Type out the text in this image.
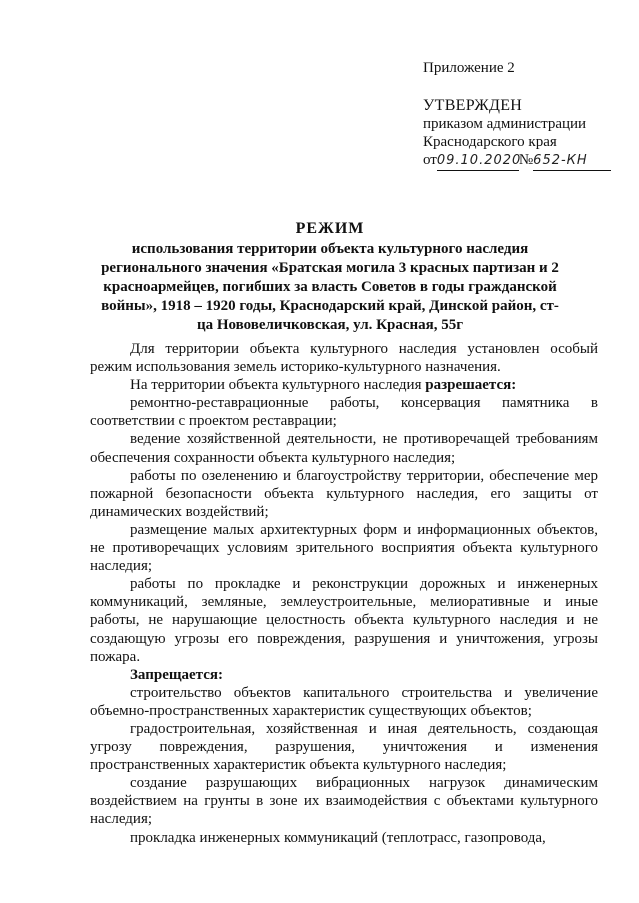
Приложение 2
УТВЕРЖДЕН
приказом администрации
Краснодарского края
от09.10.2020№652-КН
РЕЖИМ

использования территории объекта культурного наследия регионального значения «Братская могила 3 красных партизан и 2 красноармейцев, погибших за власть Советов в годы гражданской войны», 1918 – 1920 годы, Краснодарский край, Динской район, ст-ца Нововеличковская, ул. Красная, 55г

Для территории объекта культурного наследия установлен особый режим использования земель историко-культурного назначения.

На территории объекта культурного наследия разрешается:

ремонтно-реставрационные работы, консервация памятника в соответствии с проектом реставрации;

ведение хозяйственной деятельности, не противоречащей требованиям обеспечения сохранности объекта культурного наследия;

работы по озеленению и благоустройству территории, обеспечение мер пожарной безопасности объекта культурного наследия, его защиты от динамических воздействий;

размещение малых архитектурных форм и информационных объектов, не противоречащих условиям зрительного восприятия объекта культурного наследия;

работы по прокладке и реконструкции дорожных и инженерных коммуникаций, земляные, землеустроительные, мелиоративные и иные работы, не нарушающие целостность объекта культурного наследия и не создающую угрозы его повреждения, разрушения и уничтожения, угрозы пожара.

Запрещается:

строительство объектов капитального строительства и увеличение объемно-пространственных характеристик существующих объектов;

градостроительная, хозяйственная и иная деятельность, создающая угрозу повреждения, разрушения, уничтожения и изменения пространственных характеристик объекта культурного наследия;

создание разрушающих вибрационных нагрузок динамическим воздействием на грунты в зоне их взаимодействия с объектами культурного наследия;

прокладка инженерных коммуникаций (теплотрасс, газопровода,
